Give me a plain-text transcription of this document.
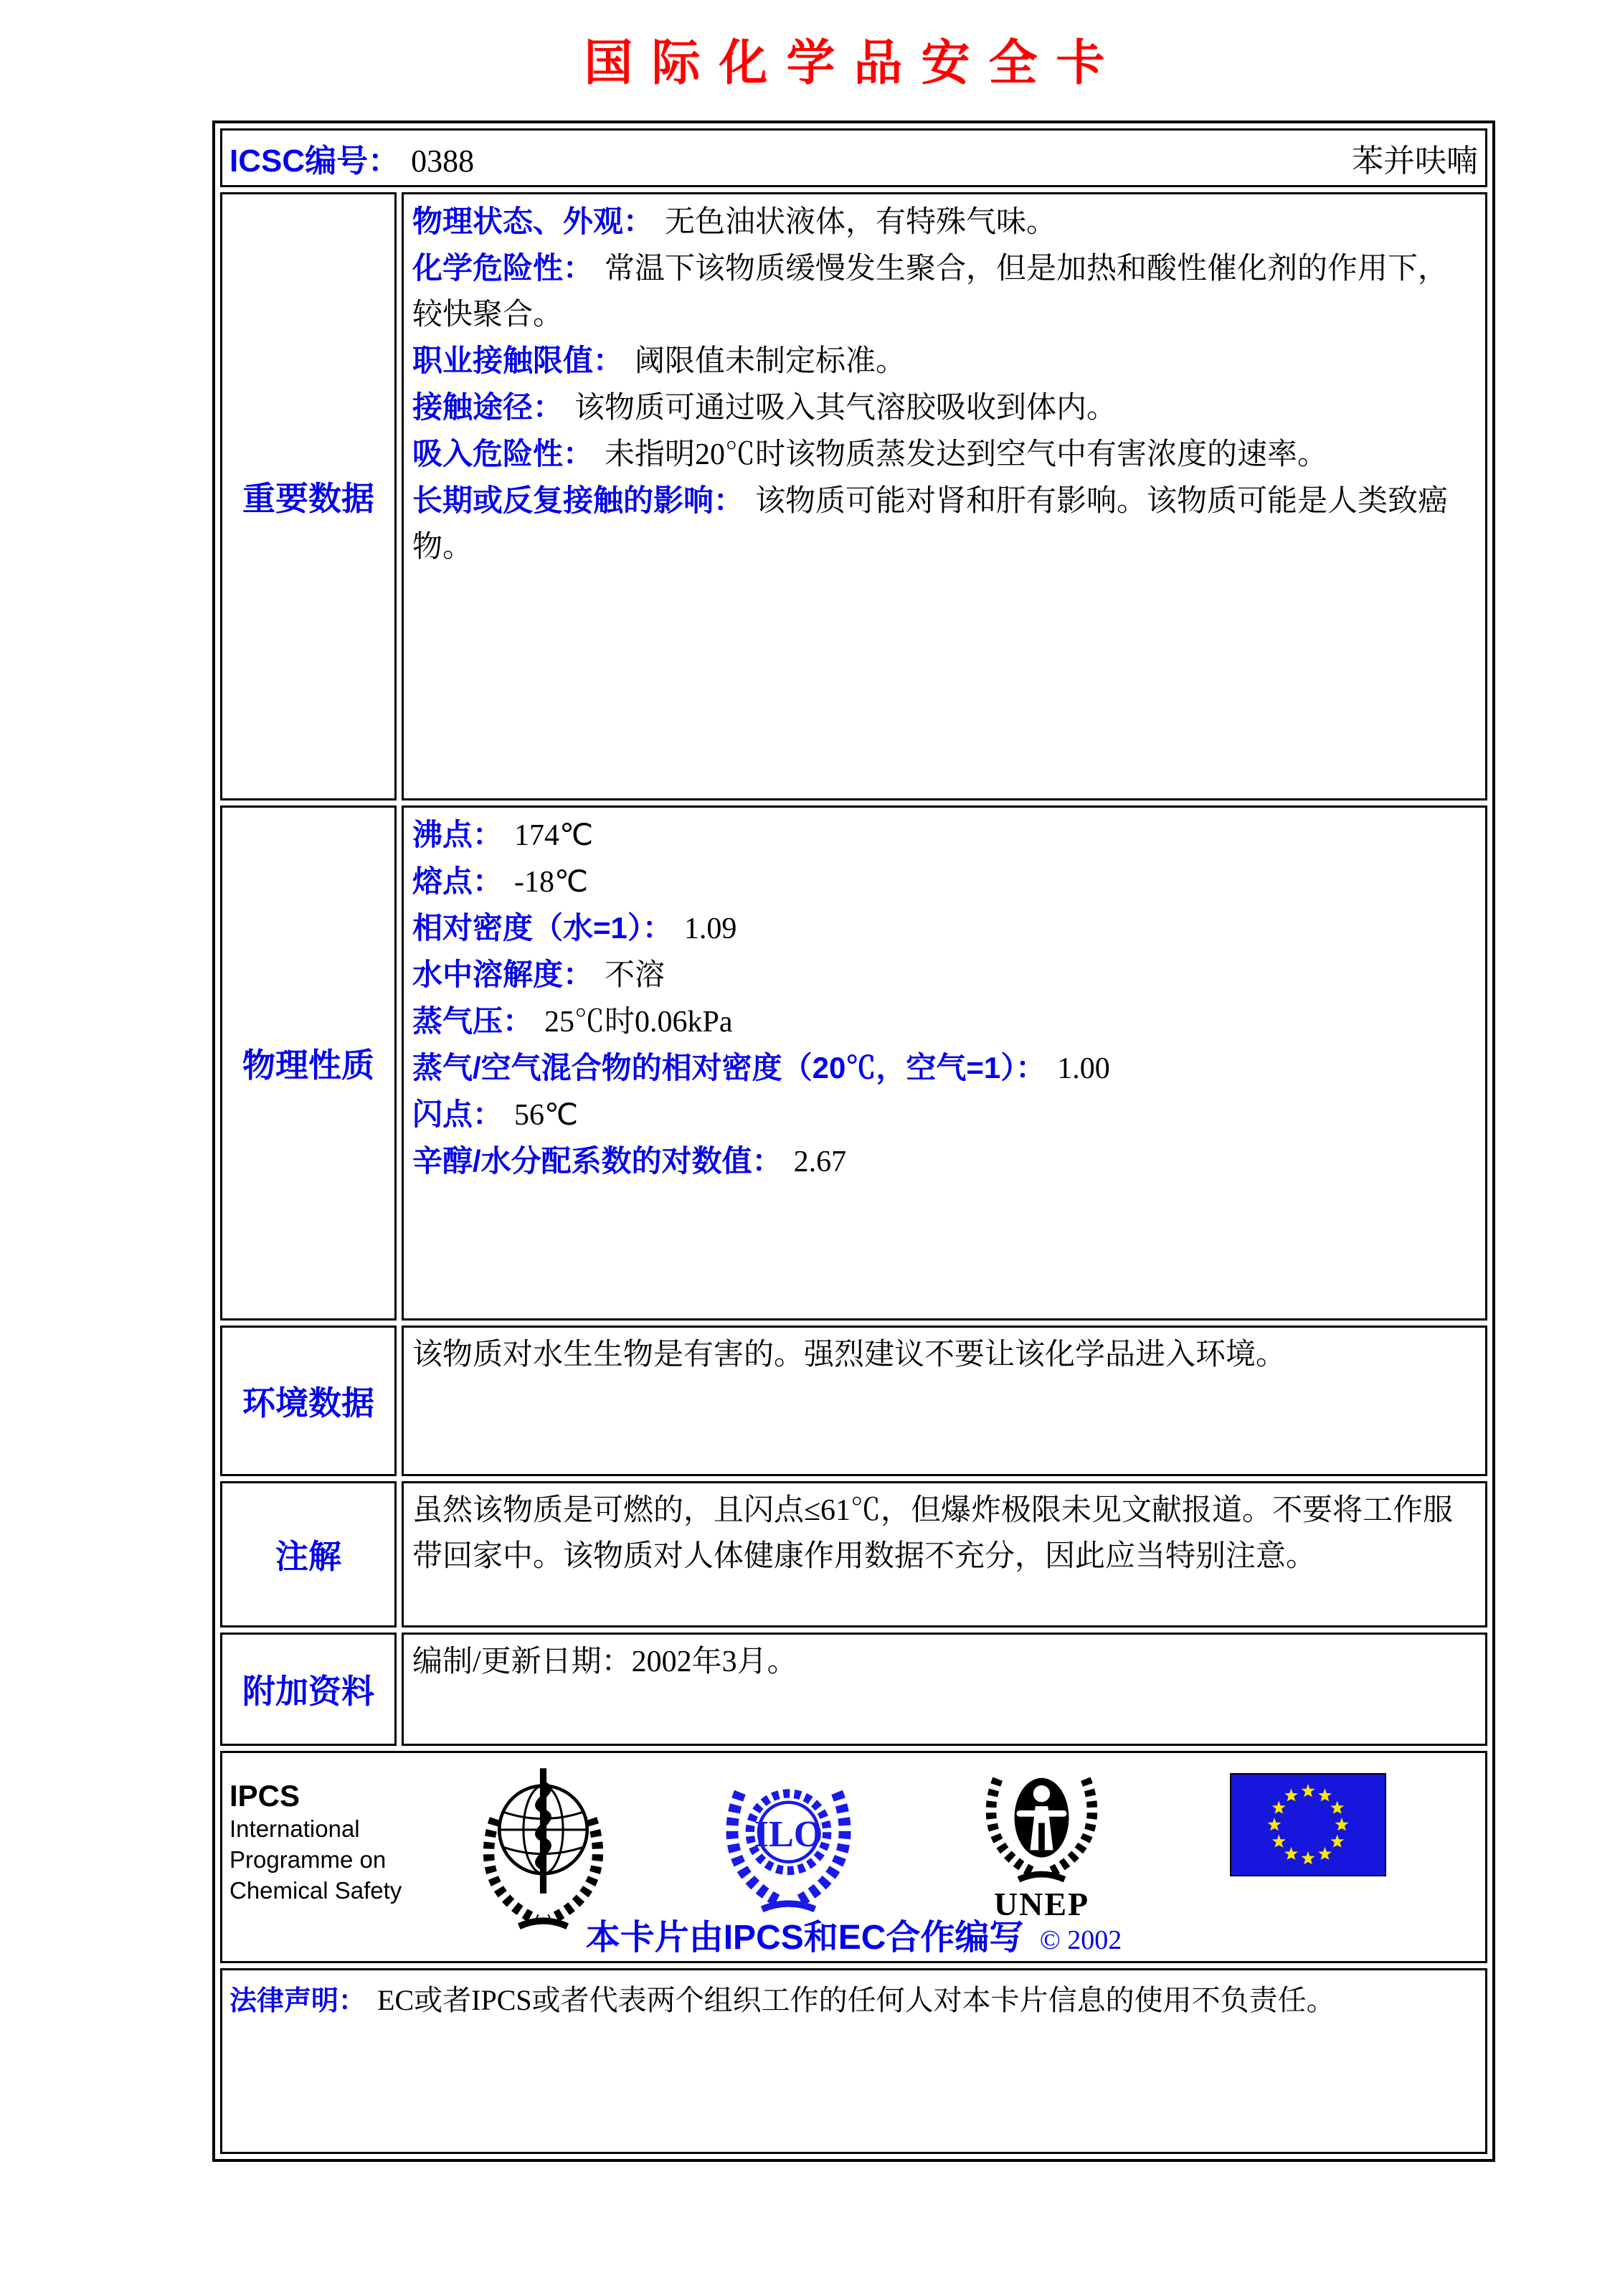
国际化学品安全卡
ICSC编号： 0388 苯并呋喃	

重要数据	
物理状态、外观： 无色油状液体，有特殊气味。
化学危险性： 常温下该物质缓慢发生聚合，但是加热和酸性催化剂的作用下，较快聚合。
职业接触限值： 阈限值未制定标准。
接触途径： 该物质可通过吸入其气溶胶吸收到体内。
吸入危险性： 未指明20℃时该物质蒸发达到空气中有害浓度的速率。
长期或反复接触的影响： 该物质可能对肾和肝有影响。该物质可能是人类致癌物。

物理性质	
沸点： 174℃
熔点： -18℃
相对密度（水=1）： 1.09
水中溶解度： 不溶
蒸气压： 25℃时0.06kPa
蒸气/空气混合物的相对密度（20℃，空气=1）： 1.00
闪点： 56℃
辛醇/水分配系数的对数值： 2.67

环境数据	该物质对水生生物是有害的。强烈建议不要让该化学品进入环境。

注解	虽然该物质是可燃的，且闪点≤61℃，但爆炸极限未见文献报道。不要将工作服带回家中。该物质对人体健康作用数据不充分，因此应当特别注意。

附加资料	编制/更新日期：2002年3月。

IPCS
International
Programme on
Chemical Safety
ILO
UNEP
本卡片由IPCS和EC合作编写 © 2002

法律声明： EC或者IPCS或者代表两个组织工作的任何人对本卡片信息的使用不负责任。	
